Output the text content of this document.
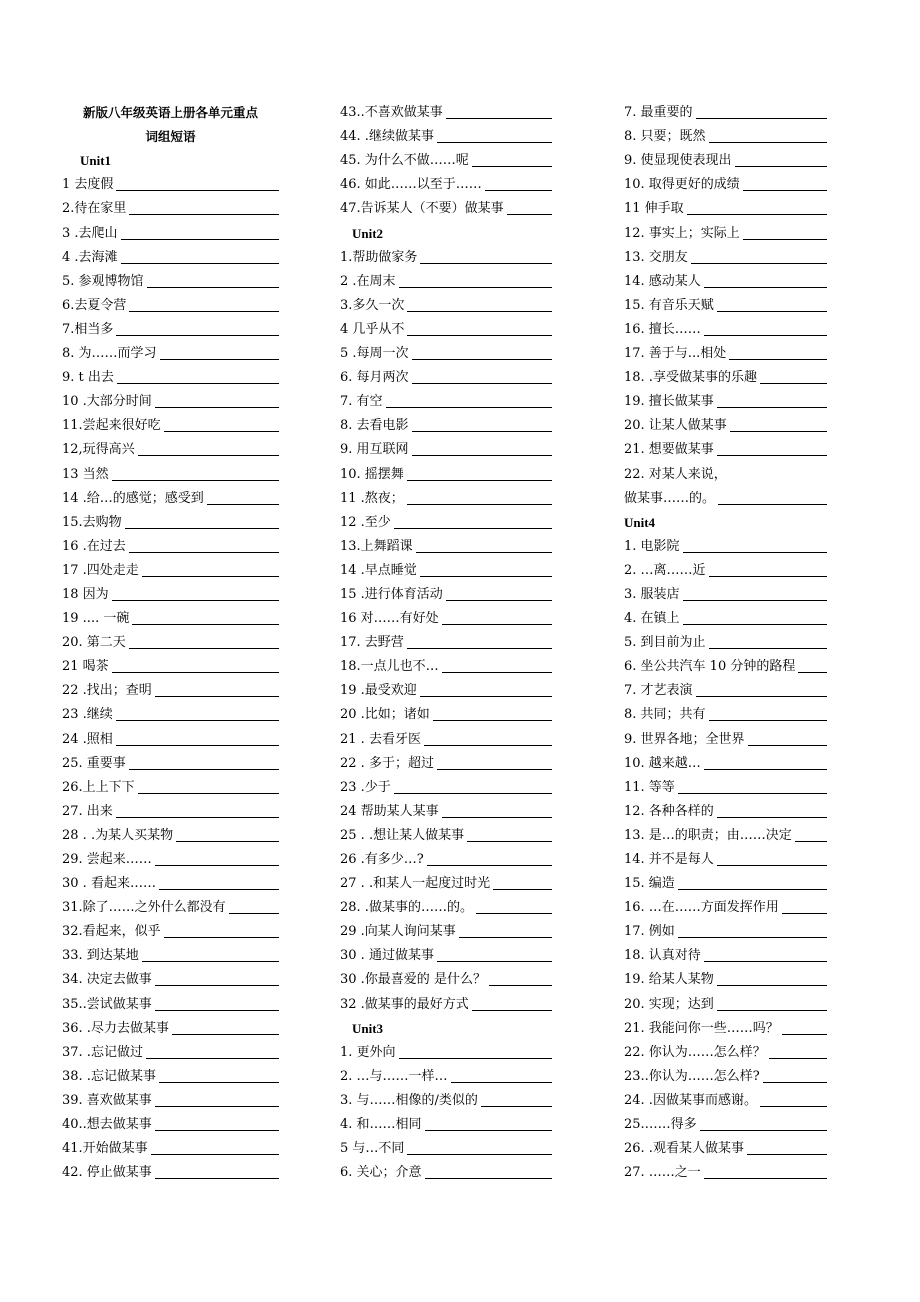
新版八年级英语上册各单元重点
词组短语
Unit1
1 去度假
2.待在家里
3 .去爬山
4 .去海滩
5. 参观博物馆
6.去夏令营
7.相当多
8. 为……而学习
9. t 出去
10 .大部分时间
11.尝起来很好吃
12,玩得高兴
13 当然
14 .给…的感觉；感受到
15.去购物
16 .在过去
17 .四处走走
18 因为
19 .... 一碗
20. 第二天
21 喝茶
22 .找出；查明
23 .继续
24 .照相
25. 重要事
26.上上下下
27. 出来
28 . .为某人买某物
29. 尝起来……
30 . 看起来……
31.除了……之外什么都没有
32.看起来，似乎
33. 到达某地
34. 决定去做事
35..尝试做某事
36. .尽力去做某事
37. .忘记做过
38. .忘记做某事
39. 喜欢做某事
40..想去做某事
41.开始做某事
42. 停止做某事
43..不喜欢做某事
44. .继续做某事
45. 为什么不做……呢
46. 如此……以至于……
47.告诉某人（不要）做某事
Unit2
1.帮助做家务
2 .在周末
3.多久一次
4 几乎从不
5 .每周一次
6. 每月两次
7. 有空
8. 去看电影
9. 用互联网
10. 摇摆舞
11 .熬夜；
12 .至少
13.上舞蹈课
14 .早点睡觉
15 .进行体育活动
16 对……有好处
17. 去野营
18.一点儿也不…
19 .最受欢迎
20 .比如；诸如
21 . 去看牙医
22 . 多于；超过
23 .少于
24 帮助某人某事
25 . .想让某人做某事
26 .有多少…?
27 . .和某人一起度过时光
28. .做某事的……的。
29 .向某人询问某事
30 . 通过做某事
30 .你最喜爱的 是什么？
32 .做某事的最好方式
Unit3
1. 更外向
2. …与……一样…
3. 与……相像的/类似的
4. 和……相同
5 与…不同
6. 关心；介意
7. 最重要的
8. 只要；既然
9. 使显现使表现出
10. 取得更好的成绩
11 伸手取
12. 事实上；实际上
13. 交朋友
14. 感动某人
15. 有音乐天赋
16. 擅长……
17. 善于与...相处
18. .享受做某事的乐趣
19. 擅长做某事
20. 让某人做某事
21. 想要做某事
22. 对某人来说，
做某事……的。
Unit4
1. 电影院
2. …离……近
3. 服装店
4. 在镇上
5. 到目前为止
6. 坐公共汽车 10 分钟的路程
7. 才艺表演
8. 共同；共有
9. 世界各地；全世界
10. 越来越…
11. 等等
12. 各种各样的
13. 是…的职责；由……决定
14. 并不是每人
15. 编造
16. …在……方面发挥作用
17. 例如
18. 认真对待
19. 给某人某物
20. 实现；达到
21. 我能问你一些……吗？
22. 你认为……怎么样？
23..你认为……怎么样?
24. .因做某事而感谢。
25.……得多
26. .观看某人做某事
27. ……之一
